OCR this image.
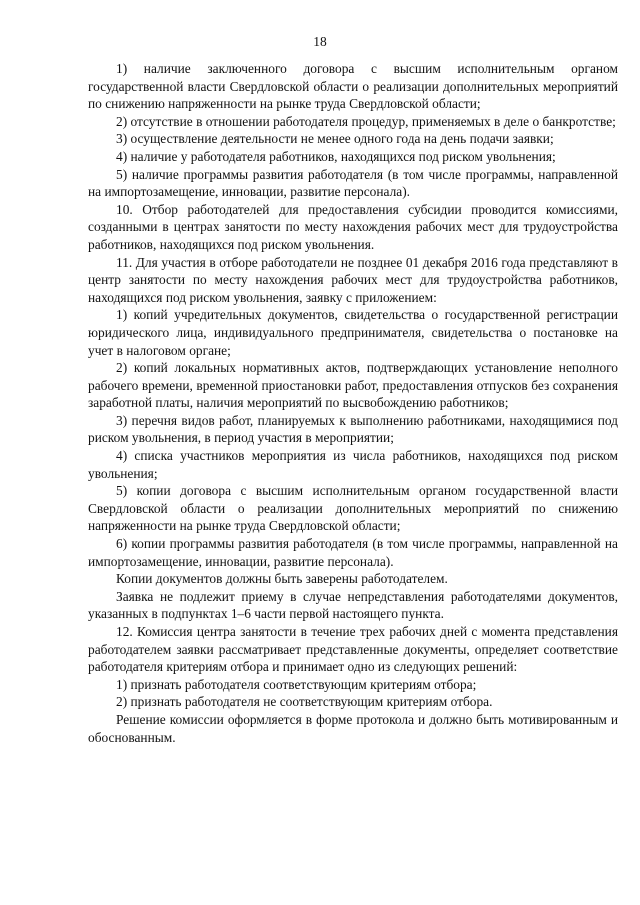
18

1) наличие заключенного договора с высшим исполнительным органом государственной власти Свердловской области о реализации дополнительных мероприятий по снижению напряженности на рынке труда Свердловской области;

2) отсутствие в отношении работодателя процедур, применяемых в деле о банкротстве;

3) осуществление деятельности не менее одного года на день подачи заявки;

4) наличие у работодателя работников, находящихся под риском увольнения;

5) наличие программы развития работодателя (в том числе программы, направленной на импортозамещение, инновации, развитие персонала).

10. Отбор работодателей для предоставления субсидии проводится комиссиями, созданными в центрах занятости по месту нахождения рабочих мест для трудоустройства работников, находящихся под риском увольнения.

11. Для участия в отборе работодатели не позднее 01 декабря 2016 года представляют в центр занятости по месту нахождения рабочих мест для трудоустройства работников, находящихся под риском увольнения, заявку с приложением:

1) копий учредительных документов, свидетельства о государственной регистрации юридического лица, индивидуального предпринимателя, свидетельства о постановке на учет в налоговом органе;

2) копий локальных нормативных актов, подтверждающих установление неполного рабочего времени, временной приостановки работ, предоставления отпусков без сохранения заработной платы, наличия мероприятий по высвобождению работников;

3) перечня видов работ, планируемых к выполнению работниками, находящимися под риском увольнения, в период участия в мероприятии;

4) списка участников мероприятия из числа работников, находящихся под риском увольнения;

5) копии договора с высшим исполнительным органом государственной власти Свердловской области о реализации дополнительных мероприятий по снижению напряженности на рынке труда Свердловской области;

6) копии программы развития работодателя (в том числе программы, направленной на импортозамещение, инновации, развитие персонала).

Копии документов должны быть заверены работодателем.

Заявка не подлежит приему в случае непредставления работодателями документов, указанных в подпунктах 1–6 части первой настоящего пункта.

12. Комиссия центра занятости в течение трех рабочих дней с момента представления работодателем заявки рассматривает представленные документы, определяет соответствие работодателя критериям отбора и принимает одно из следующих решений:

1) признать работодателя соответствующим критериям отбора;

2) признать работодателя не соответствующим критериям отбора.

Решение комиссии оформляется в форме протокола и должно быть мотивированным и обоснованным.
